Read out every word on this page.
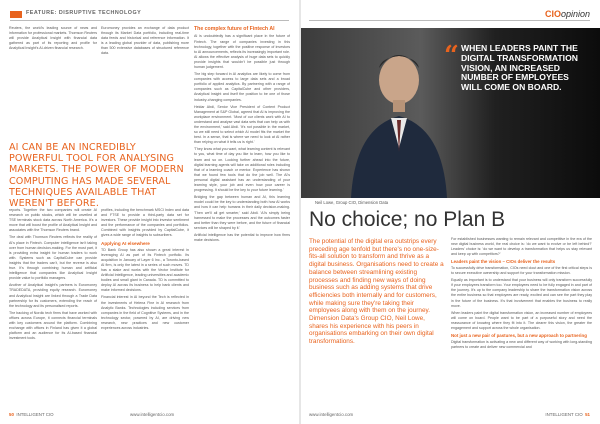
FEATURE: DISRUPTIVE TECHNOLOGY

Reuters, the world's leading source of news and information for professional markets. Thomson Reuters will provide Analytical Insight with financial data gathered as part of its reporting and profile for Analytical Insight's AI-driven financial research.

AI CAN BE AN INCREDIBLY POWERFUL TOOL FOR ANALYSING MARKETS. THE POWER OF MODERN COMPUTING HAS MADE SEVERAL TECHNIQUES AVAILABLE THAT WEREN'T BEFORE.

reports. Together the two companies will create AI research on public stocks, which will be unveiled at TSE terminals stock data across North America. It's a move that will boost the profile of Analytical Insight and associates with the Thomson Reuters brand.

The deal with Thomson Reuters reflects the reality of AI's place in Fintech. Computer intelligence isn't taking over from human decision-making. For the most part, it is providing extra insight for human traders to work with. Systems such as CapitalCube can provide insights that the traders can't, but the reverse is also true. It's through combining human and artificial intelligence that companies like Analytical Insight provide value to portfolio managers.

Another of Analytical Insight's partners is Euromoney TRADEDATA, providing equity research. Euromoney and Analytical Insight are linked through a Trade Data partnership for its customers, extending the reach of the technology and its personalised reports.

The backing of Nordic tech firms that have worked with offices across Europe, it connects financial terminals with key customers around the platform. Combining exchange with offices in Finland has given it a global platform and an audience for its AI-based financial investment tools.

Euromoney provides an exchange of data product through its Market Data portfolio, including real-time data feeds and historical and reference information. It is a leading global provider of data, publishing more than 500 extensive databases of structured reference data.

profiles, including the benchmark MSCI Index and data and FTSE to provide a third-party data set for investors. These provide insight into investor sentiment and the performance of the companies and portfolios. Combined with insights provided by CapitalCube, it gives a wide range of insights to subscribers.

Applying AI elsewhere

TD Bank Group has also shown a great interest in leveraging AI as part of its Fintech portfolio. Its acquisition in January of Layer 6 Inc., a Toronto-based AI firm, is only the latest in a series of such moves. TD has a stake and works with the Vector Institute for Artificial Intelligence, leading universities and academic bodies and small giant in Canada. TD is committed to deploy AI across its business to help bank clients and make informed decisions.

Financial interest in AI beyond the Tech is reflected in the investments of Helena Fine in AI research from Analytic Banks. Technologies including services from companies in the field of Cognitive Systems, and in the technology sector, powered by AI, are driving new research, new practices and new customer experiences across industries.

The complex future of Fintech AI

AI is undoubtedly has a significant place in the future of Fintech. The range of companies investing in this technology, together with the positive response of investors to AI announcements, reflects its increasingly important role. AI allows the effective analysis of huge data sets to quickly provide insights that wouldn't be possible just through human judgement.

The big step forward in AI analytics are likely to come from companies with access to large data sets and a broad portfolio of applied analytics. By partnering with a range of companies such as CapitalCube and other providers, Analytical Insight and itself the position to be one of those industry-changing companies.

Heidar Abdi, Senior Vice President of Content Product Management at S&P Global, agreed that AI is improving the workplace environment. 'Most of our clients work with AI to understand and analyse vast data sets that can help us with the environment,' said Abdi. 'It's not possible in the market, so we still need to select which AI model fits the market the best. In a sense, that is where we need to look at AI rather than relying on what it tells us is right.'

'They know what you want, what learning content is relevant to you, what time of day you like to learn, how you like to learn and so on. Looking further ahead into the future, digital learning agents will take on additional roles including that of a learning coach or mentor. Experience has shown that we found few tools that do the job well. The AI's personal digital assistant has an understanding of your learning style, your job and even how your career is progressing. It should be the key to your future learning.'

Bridging the gap between human and AI, this learning model could be the key to understanding both how AI works and how it can help humans in their daily decision-making. 'Then we'll all get smarter,' said Abdi. 'AI's simply being harnessed to make the processes and the outcomes faster and better than they were before, and the future of financial services will be shaped by it.'

Artificial intelligence has the potential to improve how firms make decisions.

50 INTELLIGENT CIO	www.intelligentcio.com
CIOopinion
“ WHEN LEADERS PAINT THE DIGITAL TRANSFORMATION VISION, AN INCREASED NUMBER OF EMPLOYEES WILL COME ON BOARD.
Neil Lowe, Group CIO, Dimension Data
No choice; no Plan B
The potential of the digital era outstrips every preceding age tenfold but there's no one-size-fits-all solution to transform and thrive as a digital business. Organisations need to create a balance between streamlining existing processes and finding new ways of doing business such as adding systems that drive efficiencies both internally and for customers, while making sure they're taking their employees along with them on the journey. Dimension Data's Group CIO, Neil Lowe, shares his experience with his peers in organisations embarking on their own digital transformations.

For established businesses wanting to remain relevant and competitive in the era of the new digital business world, the real choice is: 'do we want to evolve or be left behind?' Leaders' choice is: 'do we want to develop a transformation that helps us stay relevant and keep up with competitors?'

Leaders paint the vision – CIOs deliver the results

To successfully drive transformation, CIOs need clout and one of the first critical steps is to secure executive ownership and support for your transformation mission.

Equally as important is to understand that your business will only transform successfully if your employees transform too. Your employees need to be fully engaged in and part of the journey. It's up to the company leadership to share the transformation vision across the entire business so that employees are ready, excited and can see the part they play in the future of the business. It's that involvement that enables the business to really move.

When leaders paint the digital transformation vision, an increased number of employees will come on board. People want to be part of a purposeful story and need the reassurance of knowing where they fit into it. The clearer this vision, the greater the engagement and support across the whole organisation.

Not just a new pair of pastures, but a new approach to partnering

Digital transformation is activating a new and different way of working with long-standing partners to create and deliver new commercial and

www.intelligentcio.com	INTELLIGENT CIO 51
